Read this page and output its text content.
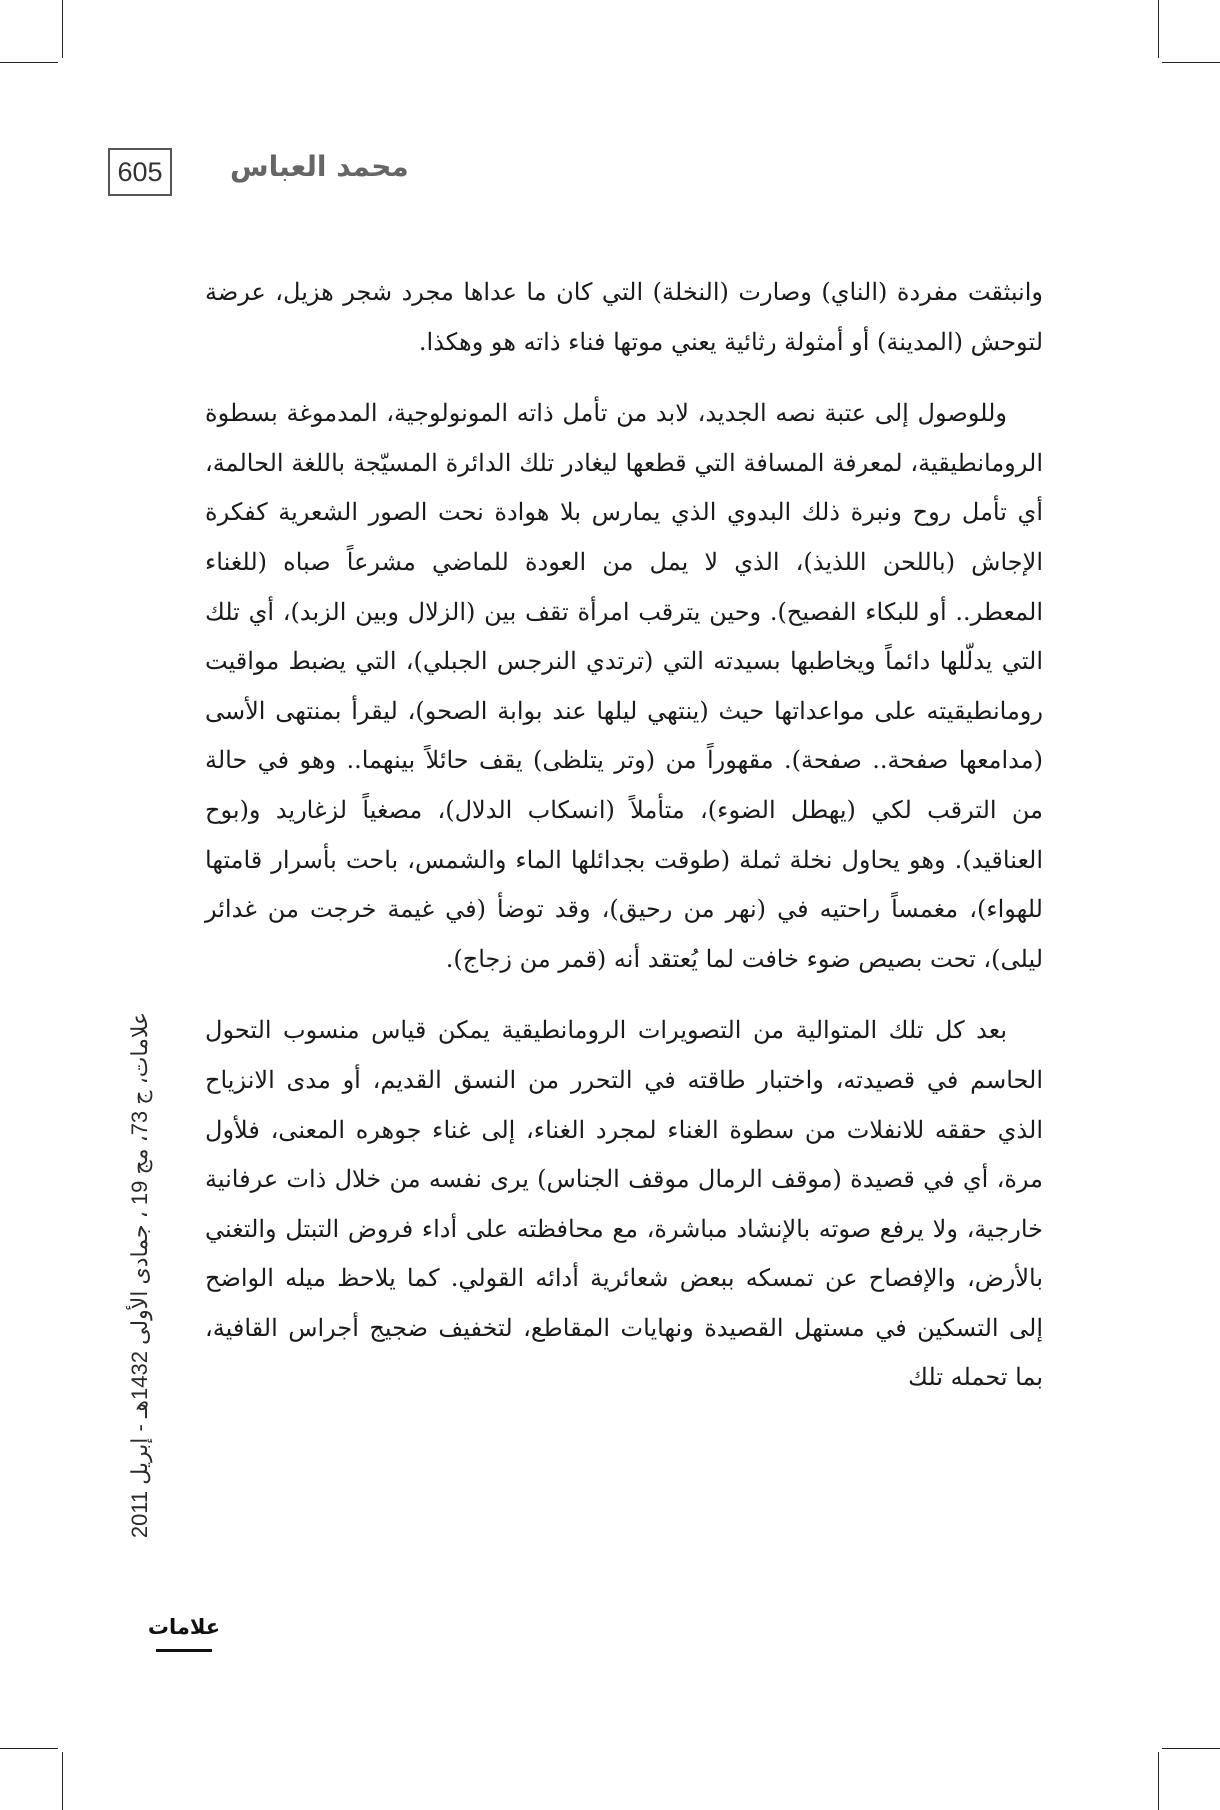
605	محمد العباس

وانبثقت مفردة (الناي) وصارت (النخلة) التي كان ما عداها مجرد شجر هزيل، عرضة لتوحش (المدينة) أو أمثولة رثائية يعني موتها فناء ذاته هو وهكذا.

وللوصول إلى عتبة نصه الجديد، لابد من تأمل ذاته المونولوجية، المدموغة بسطوة الرومانطيقية، لمعرفة المسافة التي قطعها ليغادر تلك الدائرة المسيّجة باللغة الحالمة، أي تأمل روح ونبرة ذلك البدوي الذي يمارس بلا هوادة نحت الصور الشعرية كفكرة الإجاش (باللحن اللذيذ)، الذي لا يمل من العودة للماضي مشرعاً صباه (للغناء المعطر.. أو للبكاء الفصيح). وحين يترقب امرأة تقف بين (الزلال وبين الزبد)، أي تلك التي يدلّلها دائماً ويخاطبها بسيدته التي (ترتدي النرجس الجبلي)، التي يضبط مواقيت رومانطيقيته على مواعداتها حيث (ينتهي ليلها عند بوابة الصحو)، ليقرأ بمنتهى الأسى (مدامعها صفحة.. صفحة). مقهوراً من (وتر يتلظى) يقف حائلاً بينهما.. وهو في حالة من الترقب لكي (يهطل الضوء)، متأملاً (انسكاب الدلال)، مصغياً لزغاريد و(بوح العناقيد). وهو يحاول نخلة ثملة (طوقت بجدائلها الماء والشمس، باحت بأسرار قامتها للهواء)، مغمساً راحتيه في (نهر من رحيق)، وقد توضأ (في غيمة خرجت من غدائر ليلى)، تحت بصيص ضوء خافت لما يُعتقد أنه (قمر من زجاج).

بعد كل تلك المتوالية من التصويرات الرومانطيقية يمكن قياس منسوب التحول الحاسم في قصيدته، واختبار طاقته في التحرر من النسق القديم، أو مدى الانزياح الذي حققه للانفلات من سطوة الغناء لمجرد الغناء، إلى غناء جوهره المعنى، فلأول مرة، أي في قصيدة (موقف الرمال موقف الجناس) يرى نفسه من خلال ذات عرفانية خارجية، ولا يرفع صوته بالإنشاد مباشرة، مع محافظته على أداء فروض التبتل والتغني بالأرض، والإفصاح عن تمسكه ببعض شعائرية أدائه القولي. كما يلاحظ ميله الواضح إلى التسكين في مستهل القصيدة ونهايات المقاطع، لتخفيف ضجيج أجراس القافية، بما تحمله تلك

علامات، ج 73، مج 19 ، جمادى الأولى 1432هـ - إبريل 2011
علامات
